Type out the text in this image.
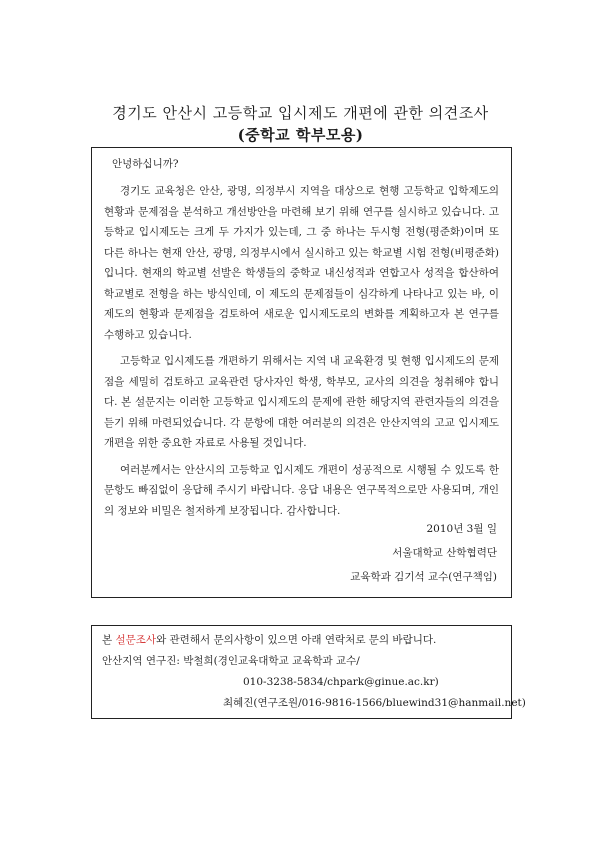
경기도 안산시 고등학교 입시제도 개편에 관한 의견조사
(중학교 학부모용)

안녕하십니까?

경기도 교육청은 안산, 광명, 의정부시 지역을 대상으로 현행 고등학교 입학제도의 현황과 문제점을 분석하고 개선방안을 마련해 보기 위해 연구를 실시하고 있습니다. 고등학교 입시제도는 크게 두 가지가 있는데, 그 중 하나는 두시형 전형(평준화)이며 또 다른 하나는 현재 안산, 광명, 의정부시에서 실시하고 있는 학교별 시험 전형(비평준화)입니다. 현재의 학교별 선발은 학생들의 중학교 내신성적과 연합고사 성적을 합산하여 학교별로 전형을 하는 방식인데, 이 제도의 문제점들이 심각하게 나타나고 있는 바, 이 제도의 현황과 문제점을 검토하여 새로운 입시제도로의 변화를 계획하고자 본 연구를 수행하고 있습니다.

고등학교 입시제도를 개편하기 위해서는 지역 내 교육환경 및 현행 입시제도의 문제점을 세밀히 검토하고 교육관련 당사자인 학생, 학부모, 교사의 의견을 청취해야 합니다. 본 설문지는 이러한 고등학교 입시제도의 문제에 관한 해당지역 관련자들의 의견을 듣기 위해 마련되었습니다. 각 문항에 대한 여러분의 의견은 안산지역의 고교 입시제도 개편을 위한 중요한 자료로 사용될 것입니다.

여러분께서는 안산시의 고등학교 입시제도 개편이 성공적으로 시행될 수 있도록 한 문항도 빠짐없이 응답해 주시기 바랍니다. 응답 내용은 연구목적으로만 사용되며, 개인의 정보와 비밀은 철저하게 보장됩니다. 감사합니다.

2010년 3월 일
서울대학교 산학협력단
교육학과 김기석 교수(연구책임)
본 설문조사와 관련해서 문의사항이 있으면 아래 연락처로 문의 바랍니다.
안산지역 연구진: 박철희(경인교육대학교 교육학과 교수/
010-3238-5834/chpark@ginue.ac.kr)
최혜진(연구조원/016-9816-1566/bluewind31@hanmail.net)
